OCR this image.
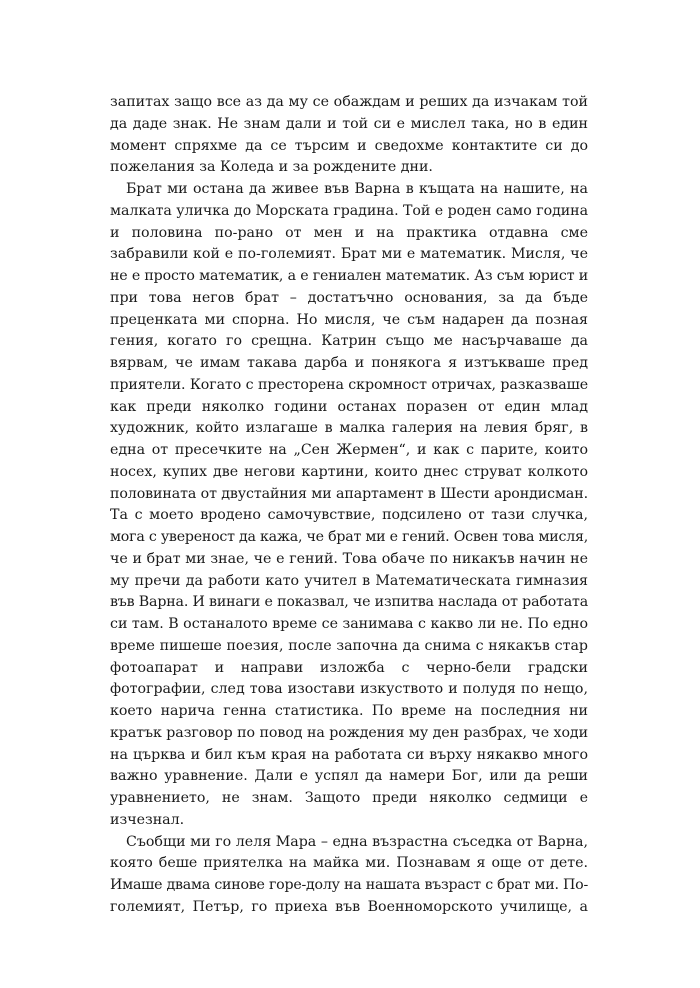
запитах защо все аз да му се обаждам и реших да изчакам той
да даде знак. Не знам дали и той си е мислел така, но в един
момент спряхме да се търсим и сведохме контактите си до
пожелания за Коледа и за рождените дни.

Брат ми остана да живее във Варна в къщата на нашите, на
малката уличка до Морската градина. Той е роден само година
и половина по-рано от мен и на практика отдавна сме
забравили кой е по-големият. Брат ми е математик. Мисля, че
не е просто математик, а е гениален математик. Аз съм юрист и
при това негов брат – достатъчно основания, за да бъде
преценката ми спорна. Но мисля, че съм надарен да позная
гения, когато го срещна. Катрин също ме насърчаваше да
вярвам, че имам такава дарба и понякога я изтъкваше пред
приятели. Когато с престорена скромност отричах, разказваше
как преди няколко години останах поразен от един млад
художник, който излагаше в малка галерия на левия бряг, в
една от пресечките на „Сен Жермен“, и как с парите, които
носех, купих две негови картини, които днес струват колкото
половината от двустайния ми апартамент в Шести арондисман.
Та с моето вродено самочувствие, подсилено от тази случка,
мога с увереност да кажа, че брат ми е гений. Освен това мисля,
че и брат ми знае, че е гений. Това обаче по никакъв начин не
му пречи да работи като учител в Математическата гимназия
във Варна. И винаги е показвал, че изпитва наслада от работата
си там. В останалото време се занимава с какво ли не. По едно
време пишеше поезия, после започна да снима с някакъв стар
фотоапарат и направи изложба с черно-бели градски
фотографии, след това изостави изкуството и полудя по нещо,
което нарича генна статистика. По време на последния ни
кратък разговор по повод на рождения му ден разбрах, че ходи
на църква и бил към края на работата си върху някакво много
важно уравнение. Дали е успял да намери Бог, или да реши
уравнението, не знам. Защото преди няколко седмици е
изчезнал.

Съобщи ми го леля Мара – една възрастна съседка от Варна,
която беше приятелка на майка ми. Познавам я още от дете.
Имаше двама синове горе-долу на нашата възраст с брат ми. По-
големият, Петър, го приеха във Военноморското училище, а
